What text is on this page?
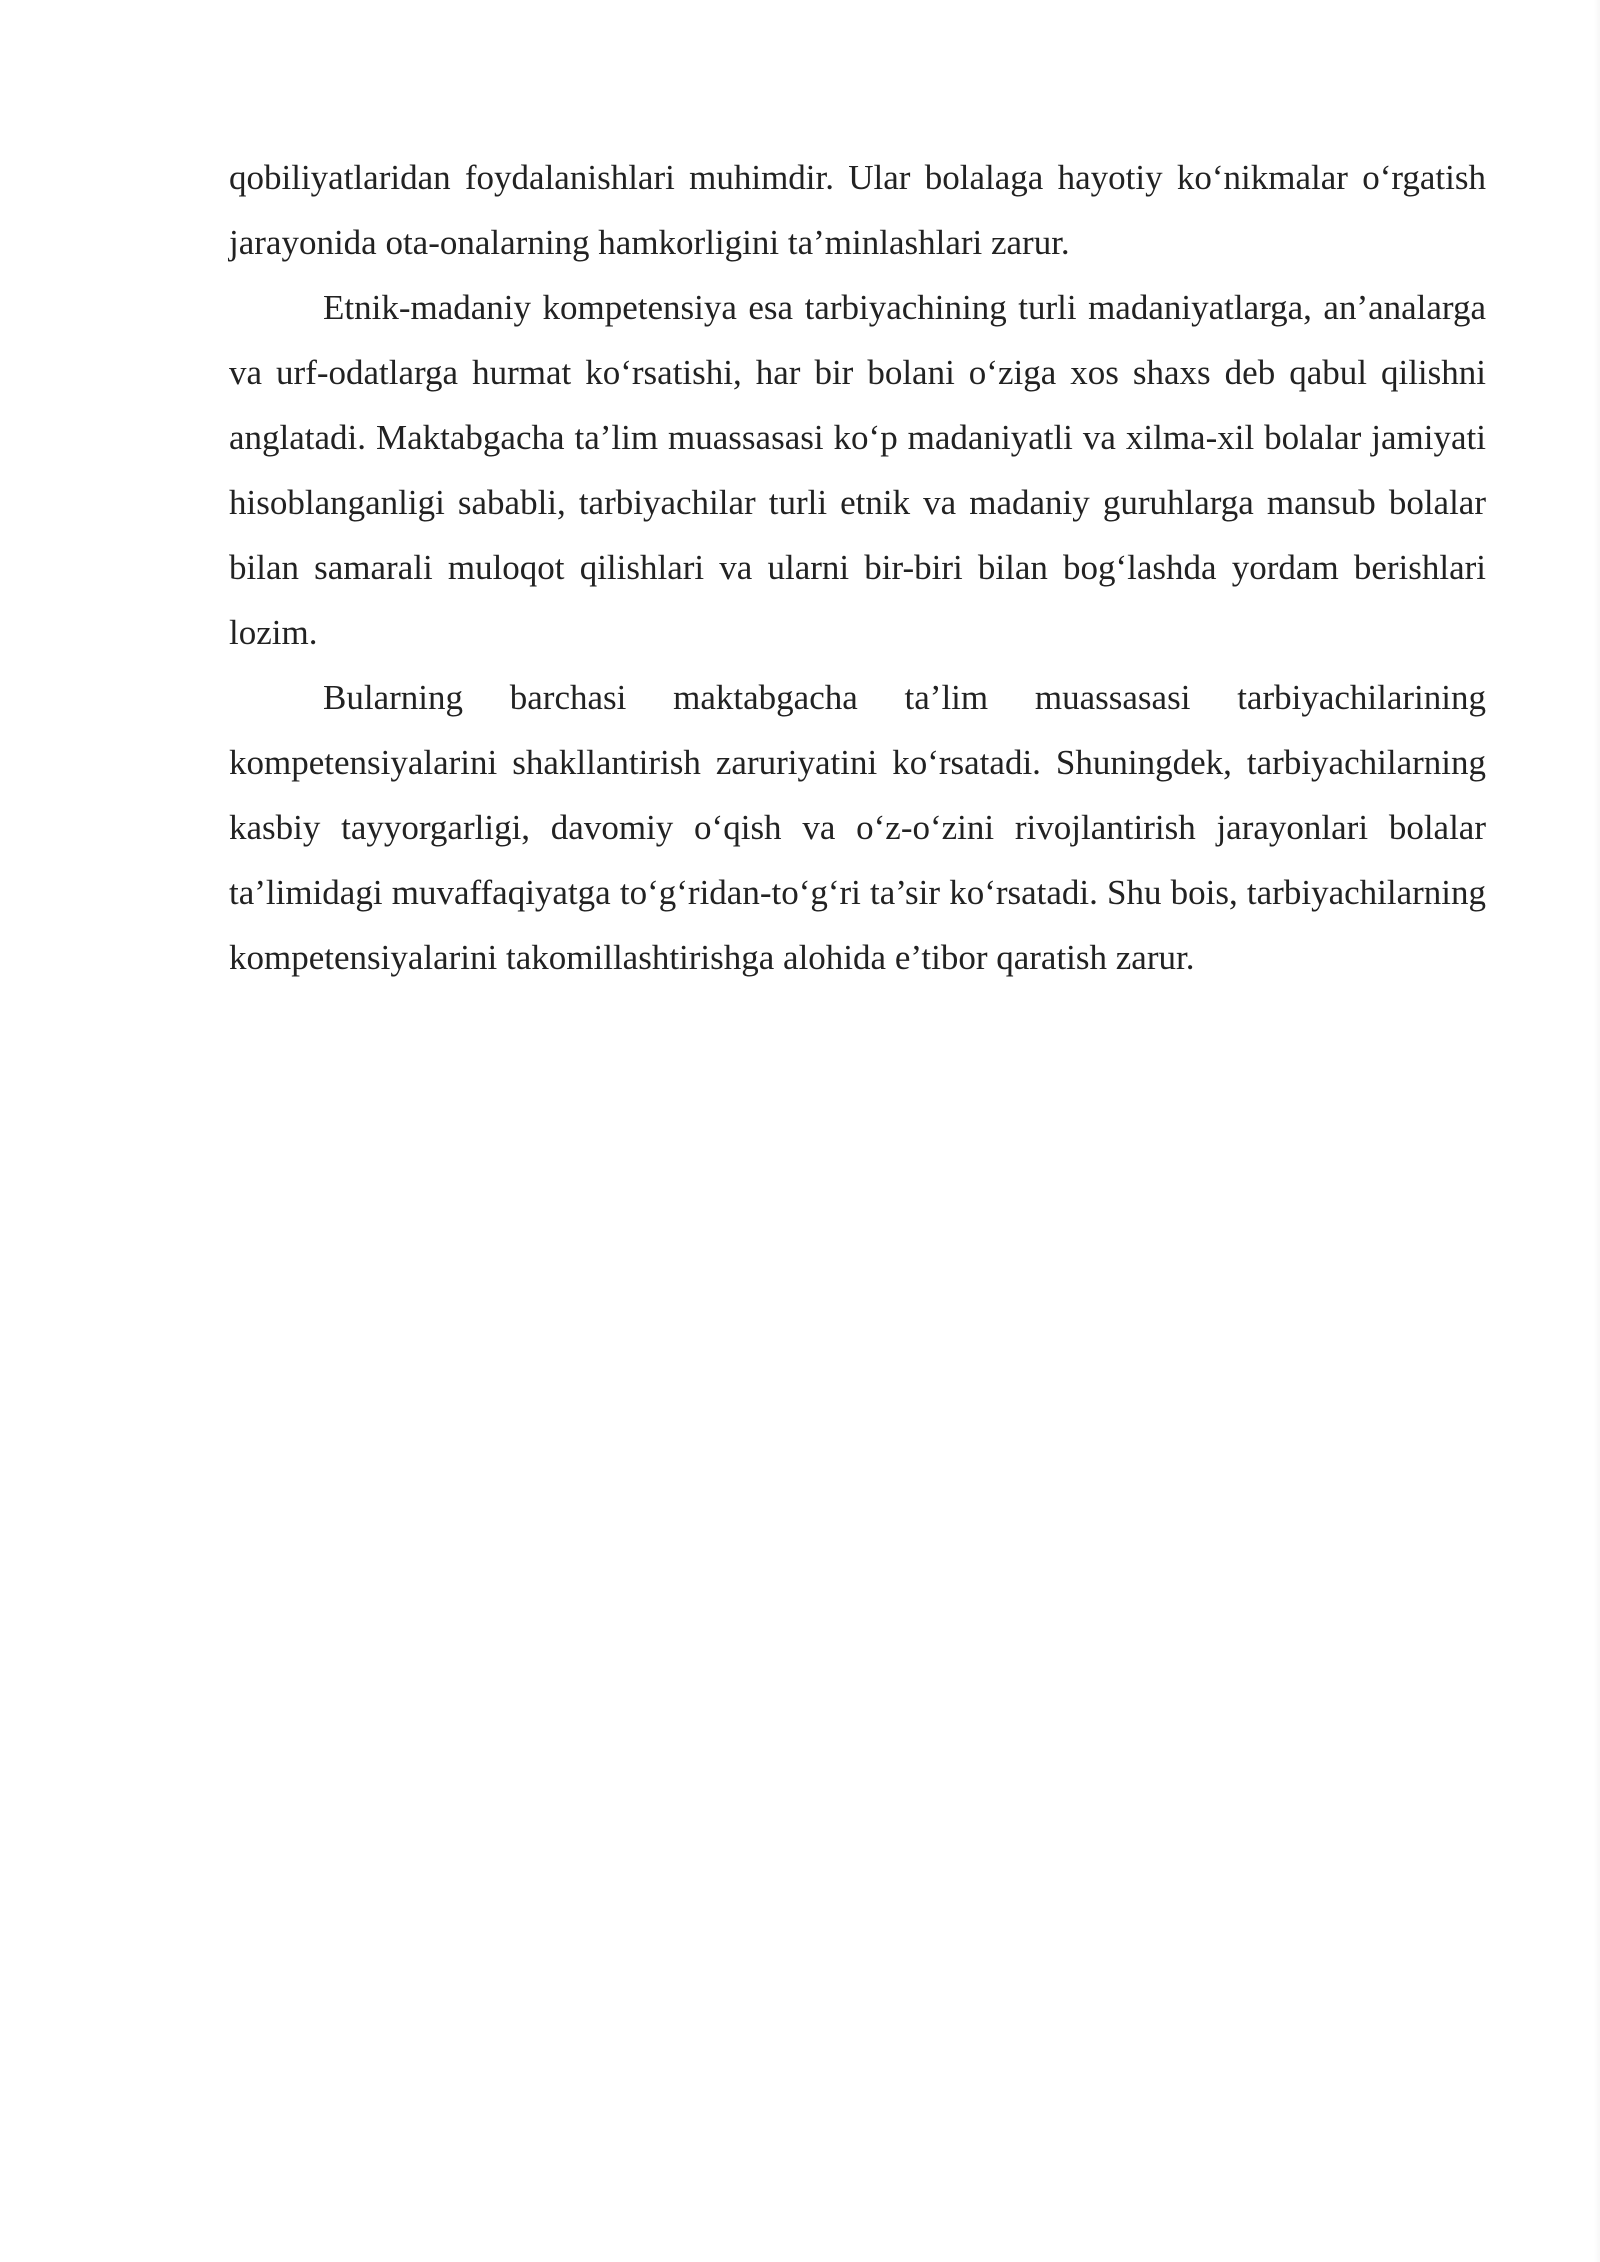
qobiliyatlaridan foydalanishlari muhimdir. Ular bolalaga hayotiy ko‘nikmalar o‘rgatish jarayonida ota-onalarning hamkorligini ta’minlashlari zarur.

Etnik-madaniy kompetensiya esa tarbiyachining turli madaniyatlarga, an’analarga va urf-odatlarga hurmat ko‘rsatishi, har bir bolani o‘ziga xos shaxs deb qabul qilishni anglatadi. Maktabgacha ta’lim muassasasi ko‘p madaniyatli va xilma-xil bolalar jamiyati hisoblanganligi sababli, tarbiyachilar turli etnik va madaniy guruhlarga mansub bolalar bilan samarali muloqot qilishlari va ularni bir-biri bilan bog‘lashda yordam berishlari lozim.

Bularning barchasi maktabgacha ta’lim muassasasi tarbiyachilarining kompetensiyalarini shakllantirish zaruriyatini ko‘rsatadi. Shuningdek, tarbiyachilarning kasbiy tayyorgarligi, davomiy o‘qish va o‘z-o‘zini rivojlantirish jarayonlari bolalar ta’limidagi muvaffaqiyatga to‘g‘ridan-to‘g‘ri ta’sir ko‘rsatadi. Shu bois, tarbiyachilarning kompetensiyalarini takomillashtirishga alohida e’tibor qaratish zarur.
